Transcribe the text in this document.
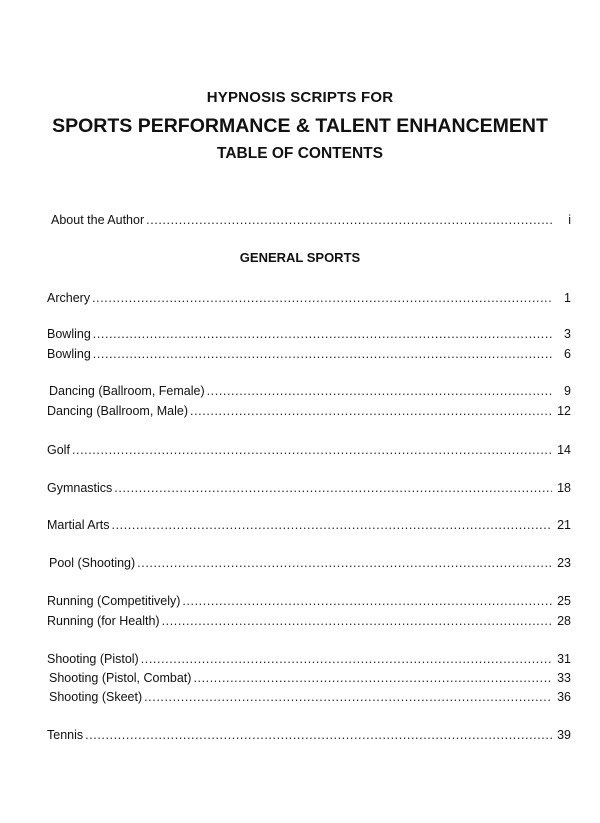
HYPNOSIS SCRIPTS FOR
SPORTS PERFORMANCE & TALENT ENHANCEMENT
TABLE OF CONTENTS
About the Author .....	i
GENERAL SPORTS
Archery .....	1
Bowling .....	3
Bowling .....	6
Dancing (Ballroom, Female) .....	9
Dancing (Ballroom, Male) .....	12
Golf .....	14
Gymnastics .....	18
Martial Arts .....	21
Pool (Shooting) .....	23
Running (Competitively) .....	25
Running (for Health) .....	28
Shooting (Pistol) .....	31
Shooting (Pistol, Combat) .....	33
Shooting (Skeet) .....	36
Tennis .....	39
